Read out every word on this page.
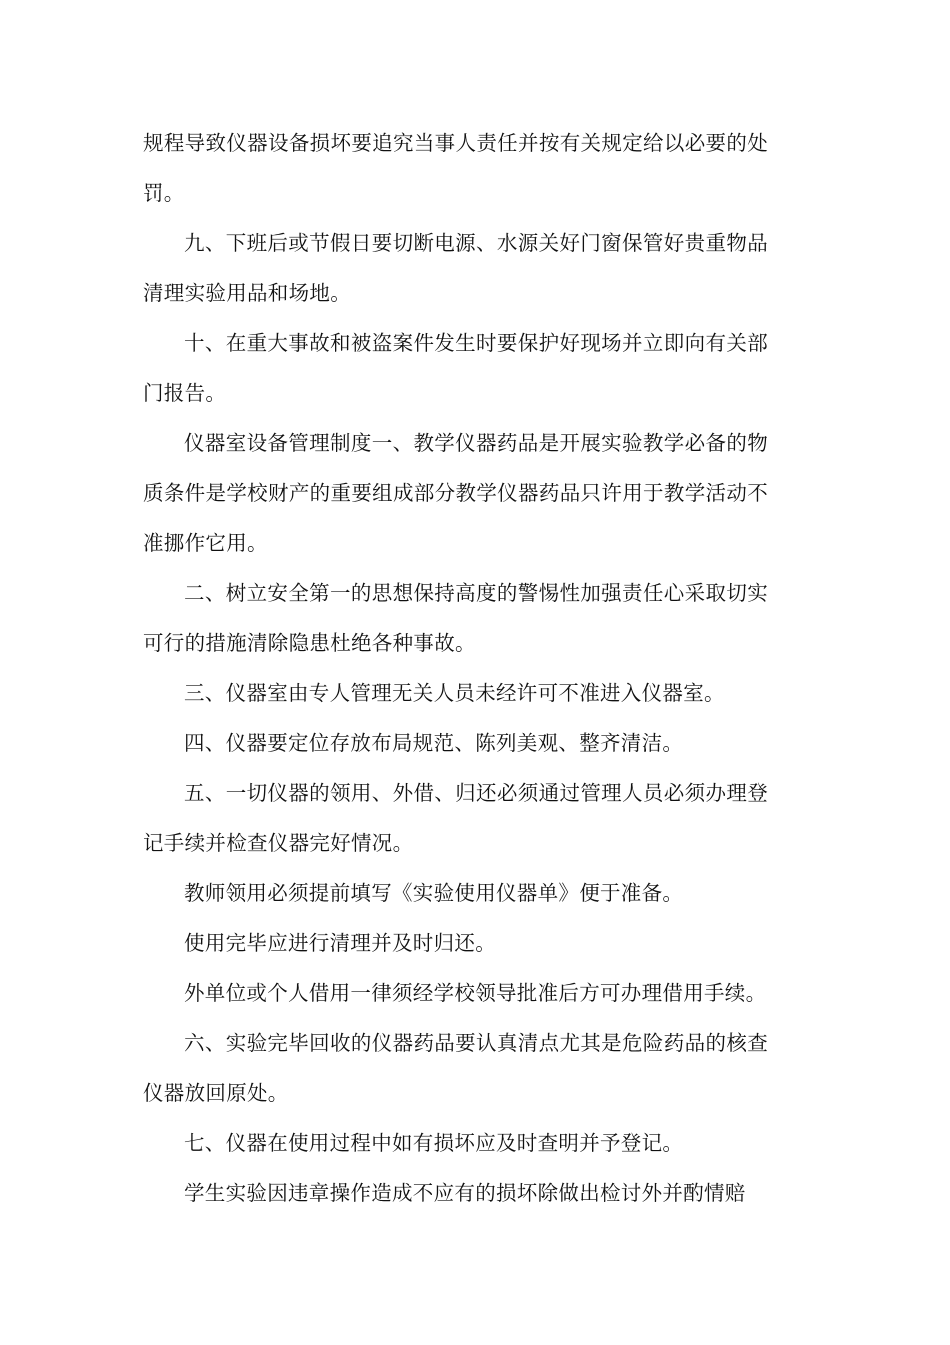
规程导致仪器设备损坏要追究当事人责任并按有关规定给以必要的处罚。

九、下班后或节假日要切断电源、水源关好门窗保管好贵重物品清理实验用品和场地。

十、在重大事故和被盗案件发生时要保护好现场并立即向有关部门报告。

仪器室设备管理制度一、教学仪器药品是开展实验教学必备的物质条件是学校财产的重要组成部分教学仪器药品只许用于教学活动不准挪作它用。

二、树立安全第一的思想保持高度的警惕性加强责任心采取切实可行的措施清除隐患杜绝各种事故。

三、仪器室由专人管理无关人员未经许可不准进入仪器室。

四、仪器要定位存放布局规范、陈列美观、整齐清洁。

五、一切仪器的领用、外借、归还必须通过管理人员必须办理登记手续并检查仪器完好情况。

教师领用必须提前填写《实验使用仪器单》便于准备。

使用完毕应进行清理并及时归还。

外单位或个人借用一律须经学校领导批准后方可办理借用手续。

六、实验完毕回收的仪器药品要认真清点尤其是危险药品的核查仪器放回原处。

七、仪器在使用过程中如有损坏应及时查明并予登记。

学生实验因违章操作造成不应有的损坏除做出检讨外并酌情赔
